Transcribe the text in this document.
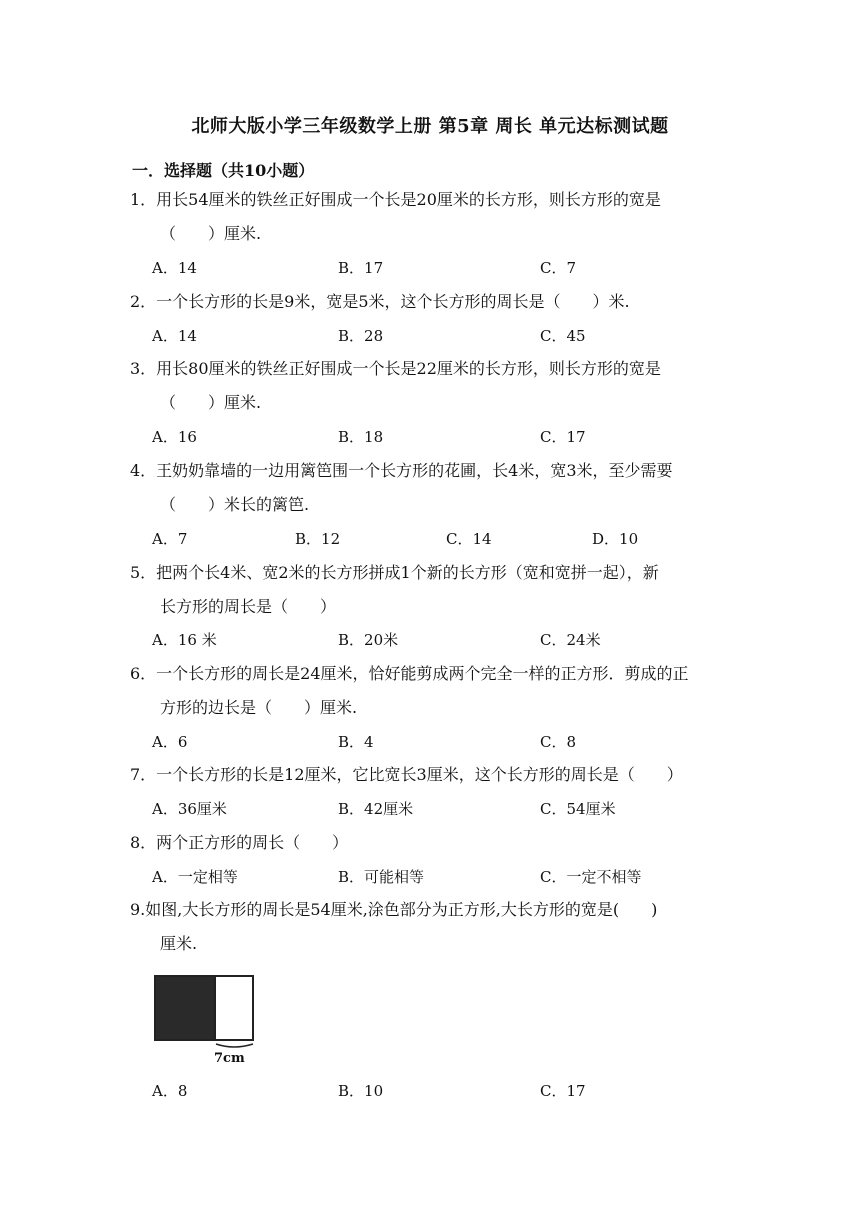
北师大版小学三年级数学上册 第5章 周长 单元达标测试题
一．选择题（共10小题）
1．用长54厘米的铁丝正好围成一个长是20厘米的长方形，则长方形的宽是
（　　）厘米.
A．14	B．17	C．7
2．一个长方形的长是9米，宽是5米，这个长方形的周长是（　　）米.
A．14	B．28	C．45
3．用长80厘米的铁丝正好围成一个长是22厘米的长方形，则长方形的宽是
（　　）厘米.
A．16	B．18	C．17
4．王奶奶靠墙的一边用篱笆围一个长方形的花圃，长4米，宽3米，至少需要
（　　）米长的篱笆.
A．7	B．12	C．14	D．10
5．把两个长4米、宽2米的长方形拼成1个新的长方形（宽和宽拼一起），新
长方形的周长是（　　）
A．16 米	B．20米	C．24米
6．一个长方形的周长是24厘米，恰好能剪成两个完全一样的正方形．剪成的正
方形的边长是（　　）厘米.
A．6	B．4	C．8
7．一个长方形的长是12厘米，它比宽长3厘米，这个长方形的周长是（　　）
A．36厘米	B．42厘米	C．54厘米
8．两个正方形的周长（　　）
A．一定相等	B．可能相等	C．一定不相等
9.如图,大长方形的周长是54厘米,涂色部分为正方形,大长方形的宽是(　　)
厘米.
7cm
A．8	B．10	C．17
